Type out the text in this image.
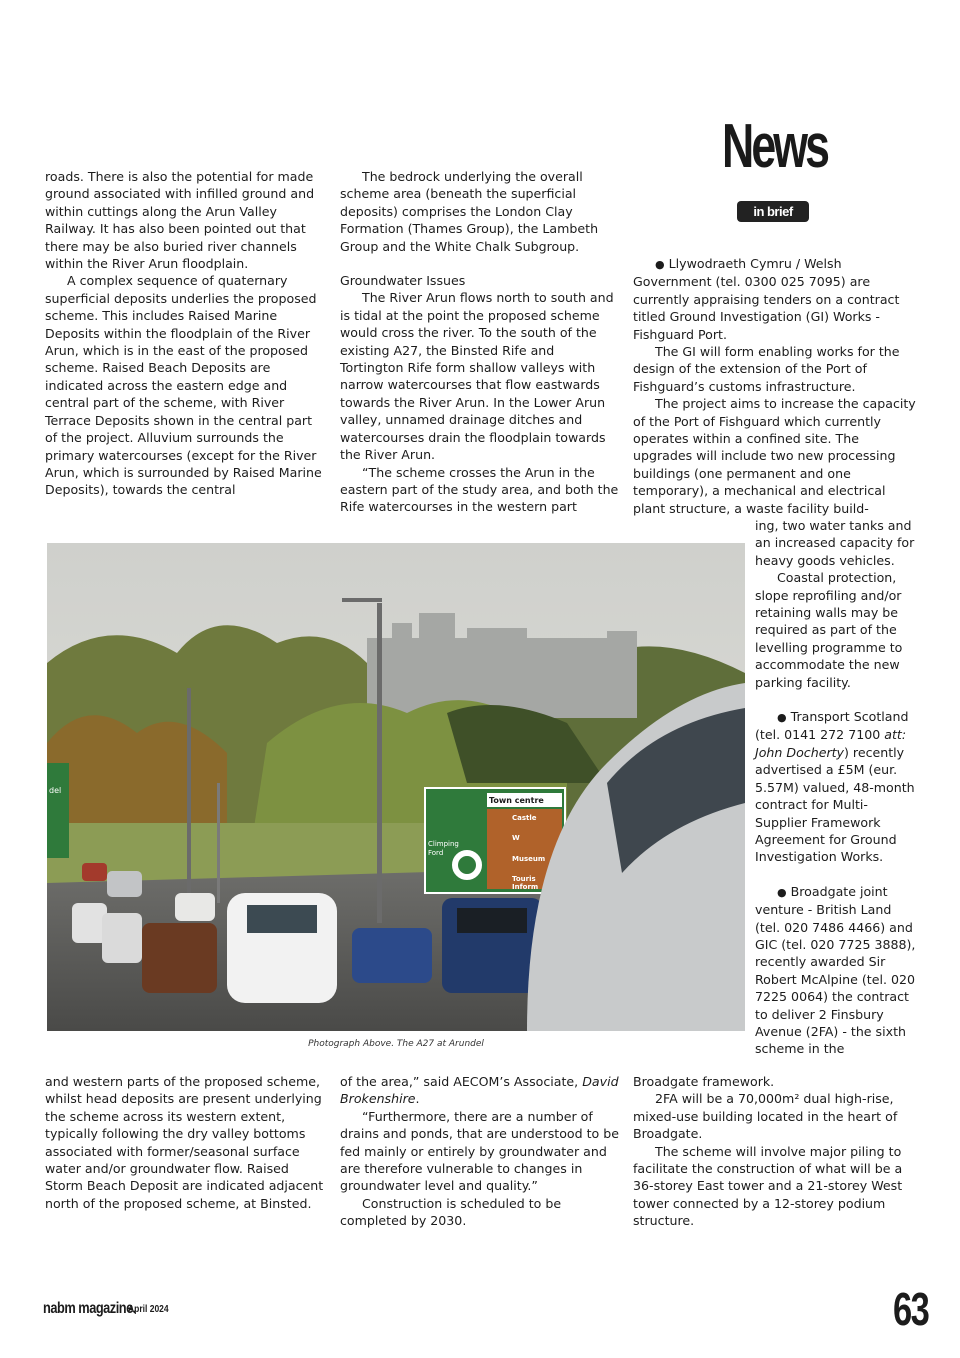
News
in brief

roads. There is also the potential for made ground associated with infilled ground and within cuttings along the Arun Valley Railway. It has also been pointed out that there may be also buried river channels within the River Arun floodplain.

A complex sequence of quaternary superficial deposits underlies the proposed scheme. This includes Raised Marine Deposits within the floodplain of the River Arun, which is in the east of the proposed scheme. Raised Beach Deposits are indicated across the eastern edge and central part of the scheme, with River Terrace Deposits shown in the central part of the project. Alluvium surrounds the primary watercourses (except for the River Arun, which is surrounded by Raised Marine Deposits), towards the central

The bedrock underlying the overall scheme area (beneath the superficial deposits) comprises the London Clay Formation (Thames Group), the Lambeth Group and the White Chalk Subgroup.

Groundwater Issues

The River Arun flows north to south and is tidal at the point the proposed scheme would cross the river. To the south of the existing A27, the Binsted Rife and Tortington Rife form shallow valleys with narrow watercourses that flow eastwards towards the River Arun. In the Lower Arun valley, unnamed drainage ditches and watercourses drain the floodplain towards the River Arun.

“The scheme crosses the Arun in the eastern part of the study area, and both the Rife watercourses in the western part

● Llywodraeth Cymru / Welsh Government (tel. 0300 025 7095) are currently appraising tenders on a contract titled Ground Investigation (GI) Works - Fishguard Port.

The GI will form enabling works for the design of the extension of the Port of Fishguard’s customs infrastructure.

The project aims to increase the capacity of the Port of Fishguard which currently operates within a confined site. The upgrades will include two new processing buildings (one permanent and one temporary), a mechanical and electrical plant structure, a waste facility build-

ing, two water tanks and an increased capacity for heavy goods vehicles.

Coastal protection, slope reprofiling and/or retaining walls may be required as part of the levelling programme to accommodate the new parking facility.

● Transport Scotland (tel. 0141 272 7100 att: John Docherty) recently advertised a £5M (eur. 5.57M) valued, 48-month contract for Multi-Supplier Framework Agreement for Ground Investigation Works.

● Broadgate joint venture - British Land (tel. 020 7486 4466) and GIC (tel. 020 7725 3888), recently awarded Sir Robert McAlpine (tel. 020 7225 0064) the contract to deliver 2 Finsbury Avenue (2FA) - the sixth scheme in the

Town centre
Climping
Ford
Castle
W
Museum
Touris
Inform
del
Photograph Above. The A27 at Arundel

and western parts of the proposed scheme, whilst head deposits are present underlying the scheme across its western extent, typically following the dry valley bottoms associated with former/seasonal surface water and/or groundwater flow. Raised Storm Beach Deposit are indicated adjacent north of the proposed scheme, at Binsted.

of the area,” said AECOM’s Associate, David Brokenshire.

“Furthermore, there are a number of drains and ponds, that are understood to be fed mainly or entirely by groundwater and are therefore vulnerable to changes in groundwater level and quality.”

Construction is scheduled to be completed by 2030.

Broadgate framework.

2FA will be a 70,000m² dual high-rise, mixed-use building located in the heart of Broadgate.

The scheme will involve major piling to facilitate the construction of what will be a 36-storey East tower and a 21-storey West tower connected by a 12-storey podium structure.

nabm magazine.
April 2024	63
